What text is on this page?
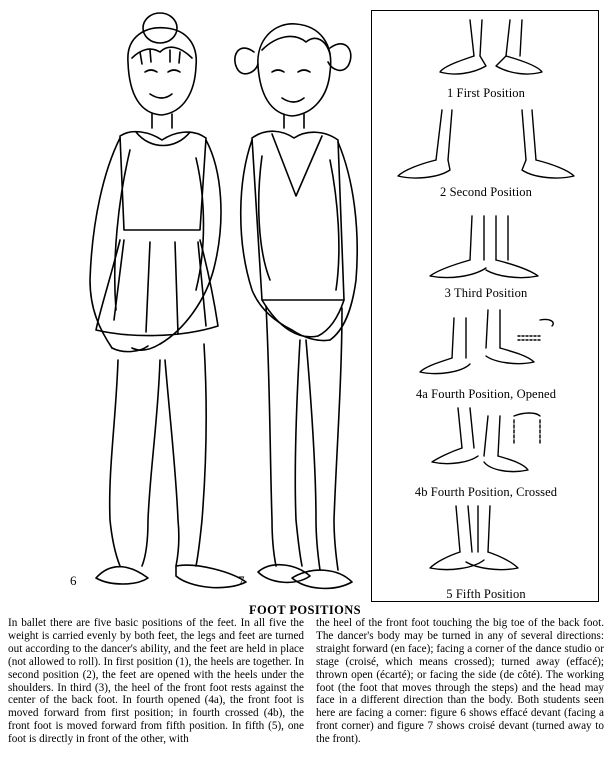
6	7
1 First Position
2 Second Position
3 Third Position
4a Fourth Position, Opened
4b Fourth Position, Crossed
5 Fifth Position
FOOT POSITIONS
In ballet there are five basic positions of the feet. In all five the weight is carried evenly by both feet, the legs and feet are turned out according to the dancer's ability, and the feet are held in place (not allowed to roll). In first position (1), the heels are together. In second position (2), the feet are opened with the heels under the shoulders. In third (3), the heel of the front foot rests against the center of the back foot. In fourth opened (4a), the front foot is moved forward from first position; in fourth crossed (4b), the front foot is moved forward from fifth position. In fifth (5), one foot is directly in front of the other, with
the heel of the front foot touching the big toe of the back foot. The dancer's body may be turned in any of several directions: straight forward (en face); facing a corner of the dance studio or stage (croisé, which means crossed); turned away (effacé); thrown open (écarté); or facing the side (de côté). The working foot (the foot that moves through the steps) and the head may face in a different direction than the body. Both students seen here are facing a corner: figure 6 shows effacé devant (facing a front corner) and figure 7 shows croisé devant (turned away to the front).
